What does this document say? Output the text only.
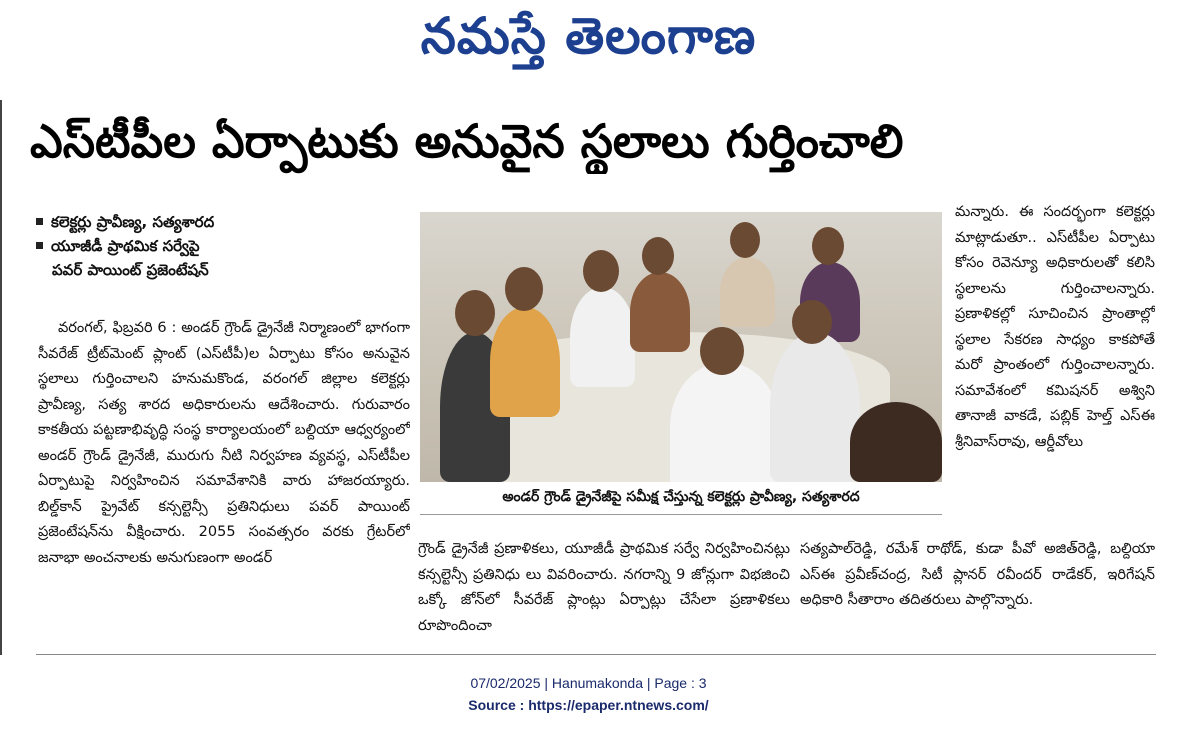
నమస్తే తెలంగాణ
ఎస్‌టీపీల ఏర్పాటుకు అనువైన స్థలాలు గుర్తించాలి
కలెక్టర్లు ప్రావీణ్య, సత్యశారద
యూజీడీ ప్రాథమిక సర్వేపై
పవర్ పాయింట్ ప్రజెంటేషన్
వరంగల్, ఫిబ్రవరి 6 : అండర్ గ్రౌండ్ డ్రైనేజీ నిర్మాణంలో భాగంగా సీవరేజ్ ట్రీట్‌మెంట్ ప్లాంట్ (ఎస్‌టీపీ)ల ఏర్పాటు కోసం అనువైన స్థలాలు గుర్తించాలని హనుమకొండ, వరంగల్ జిల్లాల కలెక్టర్లు ప్రావీణ్య, సత్య శారద అధికారులను ఆదేశించారు. గురువారం కాకతీయ పట్టణాభివృద్ధి సంస్థ కార్యాలయంలో బల్దియా ఆధ్వర్యంలో అండర్ గ్రౌండ్ డ్రైనేజీ, మురుగు నీటి నిర్వహణ వ్యవస్థ, ఎస్‌టీపీల ఏర్పాటుపై నిర్వహించిన సమావేశానికి వారు హాజరయ్యారు. బిల్డ్‌కాన్ ప్రైవేట్ కన్సల్టెన్సీ ప్రతినిధులు పవర్ పాయింట్ ప్రజెంటేషన్‌ను వీక్షించారు. 2055 సంవత్సరం వరకు గ్రేటర్‌లో జనాభా అంచనాలకు అనుగుణంగా అండర్
అండర్ గ్రౌండ్ డ్రైనేజీపై సమీక్ష చేస్తున్న కలెక్టర్లు ప్రావీణ్య, సత్యశారద
మన్నారు. ఈ సందర్భంగా కలెక్టర్లు మాట్లాడుతూ.. ఎస్‌టీపీల ఏర్పాటు కోసం రెవెన్యూ అధికారులతో కలిసి స్థలాలను గుర్తించాలన్నారు. ప్రణాళికల్లో సూచించిన ప్రాంతాల్లో స్థలాల సేకరణ సాధ్యం కాకపోతే మరో ప్రాంతంలో గుర్తించాలన్నారు. సమావేశంలో కమిషనర్ అశ్విని తానాజీ వాకడే, పబ్లిక్ హెల్త్ ఎస్‌ఈ శ్రీనివాస్‌రావు, ఆర్డీవోలు
గ్రౌండ్ డ్రైనేజీ ప్రణాళికలు, యూజీడీ ప్రాథమిక సర్వే నిర్వహించినట్లు కన్సల్టెన్సీ ప్రతినిధు లు వివరించారు. నగరాన్ని 9 జోన్లుగా విభజించి ఒక్కో జోన్‌లో సీవరేజ్ ప్లాంట్లు ఏర్పాట్లు చేసేలా ప్రణాళికలు రూపొందించా
సత్యపాల్‌రెడ్డి, రమేశ్ రాథోడ్, కుడా పీవో అజిత్‌రెడ్డి, బల్దియా ఎస్‌ఈ ప్రవీణ్‌చంద్ర, సిటీ ప్లానర్ రవీందర్ రాడేకర్, ఇరిగేషన్ అధికారి సీతారాం తదితరులు పాల్గొన్నారు.
07/02/2025 | Hanumakonda | Page : 3
Source : https://epaper.ntnews.com/
